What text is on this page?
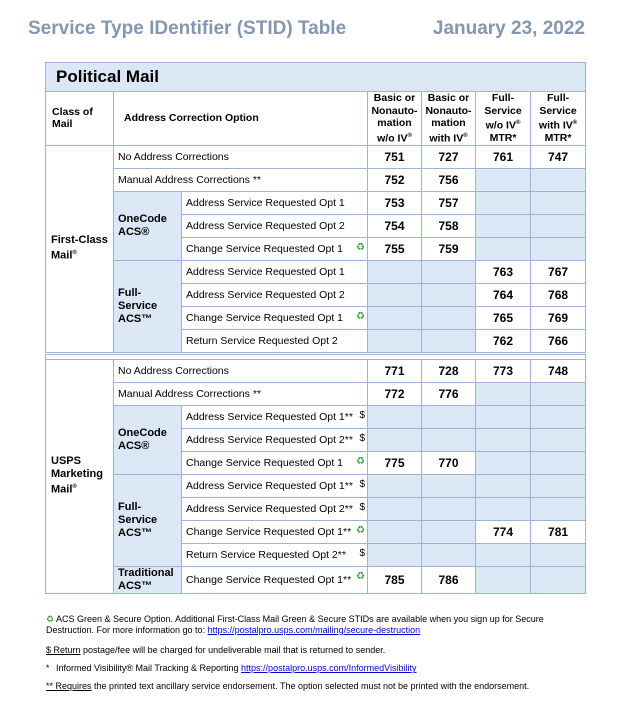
Service Type IDentifier (STID) Table	January 23, 2022
Political Mail						
Class of Mail	Address Correction Option		Basic or
Nonauto-
mation
w/o IV®	Basic or
Nonauto-
mation
with IV®	Full-
Service
w/o IV®
MTR*	Full-
Service
with IV®
MTR*
First-Class
Mail®	No Address Corrections		751	727	761	747
	Manual Address Corrections **		752	756		
	OneCode
ACS®	Address Service Requested Opt 1	753	757		
		Address Service Requested Opt 2	754	758		
		Change Service Requested Opt 1 ♻	755	759		
	Full-Service
ACS™	Address Service Requested Opt 1			763	767
		Address Service Requested Opt 2			764	768
		Change Service Requested Opt 1 ♻			765	769
		Return Service Requested Opt 2			762	766

USPS
Marketing
Mail®	No Address Corrections		771	728	773	748
	Manual Address Corrections **		772	776		
	OneCode
ACS®	Address Service Requested Opt 1** $				

		Address Service Requested Opt 2** $				

		Change Service Requested Opt 1 ♻	775	770		
	Full-Service
ACS™	Address Service Requested Opt 1** $				

		Address Service Requested Opt 2** $				

		Change Service Requested Opt 1** ♻			774	781
		Return Service Requested Opt 2** $				

	Traditional
ACS™	Change Service Requested Opt 1** ♻	785	786		
♻ ACS Green & Secure Option. Additional First-Class Mail Green & Secure STIDs are available when you sign up for Secure Destruction. For more information go to: https://postalpro.usps.com/mailing/secure-destruction
$ Return postage/fee will be charged for undeliverable mail that is returned to sender.
* Informed Visibility® Mail Tracking & Reporting https://postalpro.usps.com/InformedVisibility
** Requires the printed text ancillary service endorsement. The option selected must not be printed with the endorsement.
